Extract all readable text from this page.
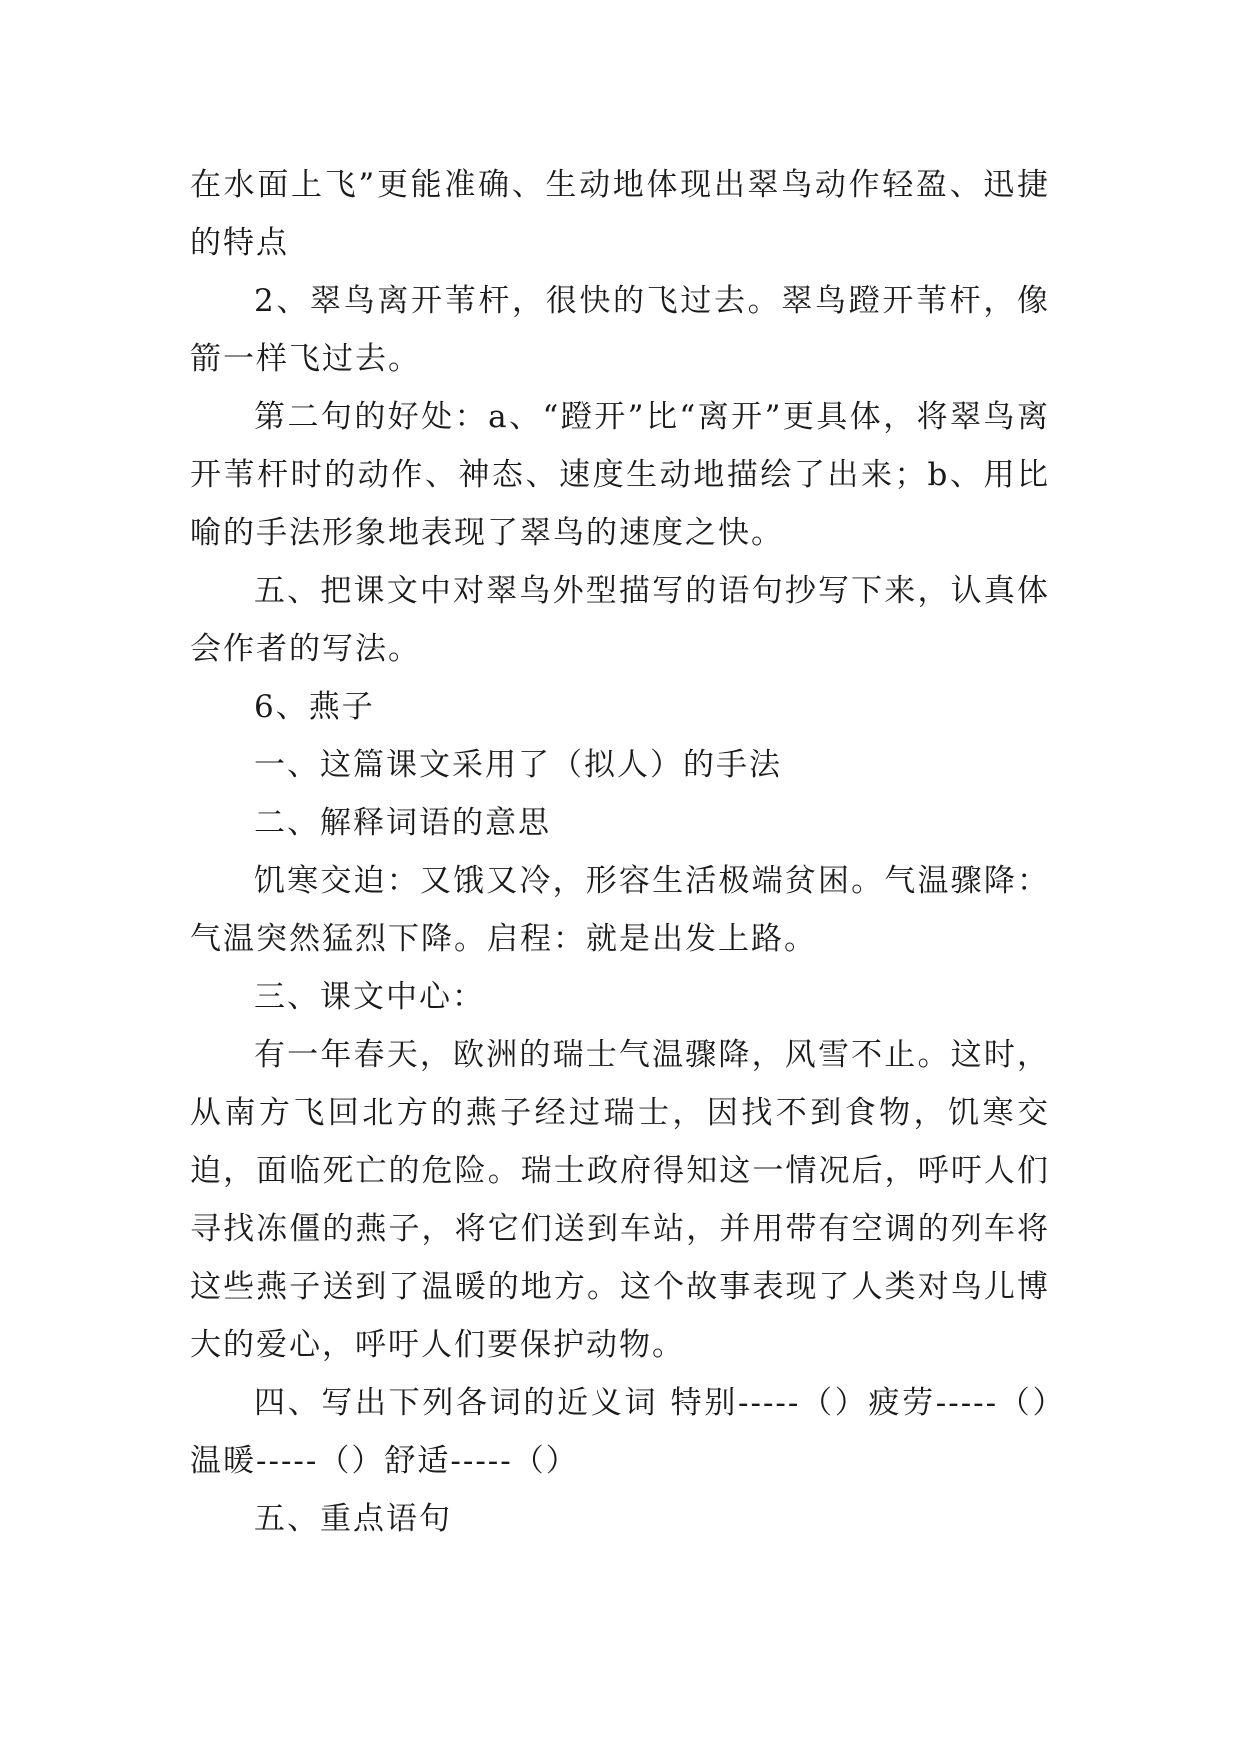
在水面上飞”更能准确、生动地体现出翠鸟动作轻盈、迅捷的特点

2、翠鸟离开苇杆，很快的飞过去。翠鸟蹬开苇杆，像箭一样飞过去。

第二句的好处：a、“蹬开”比“离开”更具体，将翠鸟离开苇杆时的动作、神态、速度生动地描绘了出来；b、用比喻的手法形象地表现了翠鸟的速度之快。

五、把课文中对翠鸟外型描写的语句抄写下来，认真体会作者的写法。

6、燕子

一、这篇课文采用了（拟人）的手法

二、解释词语的意思

饥寒交迫：又饿又冷，形容生活极端贫困。气温骤降：气温突然猛烈下降。启程：就是出发上路。

三、课文中心：

有一年春天，欧洲的瑞士气温骤降，风雪不止。这时，从南方飞回北方的燕子经过瑞士，因找不到食物，饥寒交迫，面临死亡的危险。瑞士政府得知这一情况后，呼吁人们寻找冻僵的燕子，将它们送到车站，并用带有空调的列车将这些燕子送到了温暖的地方。这个故事表现了人类对鸟儿博大的爱心，呼吁人们要保护动物。

四、写出下列各词的近义词 特别-----（）疲劳-----（）温暖-----（）舒适-----（）

五、重点语句
